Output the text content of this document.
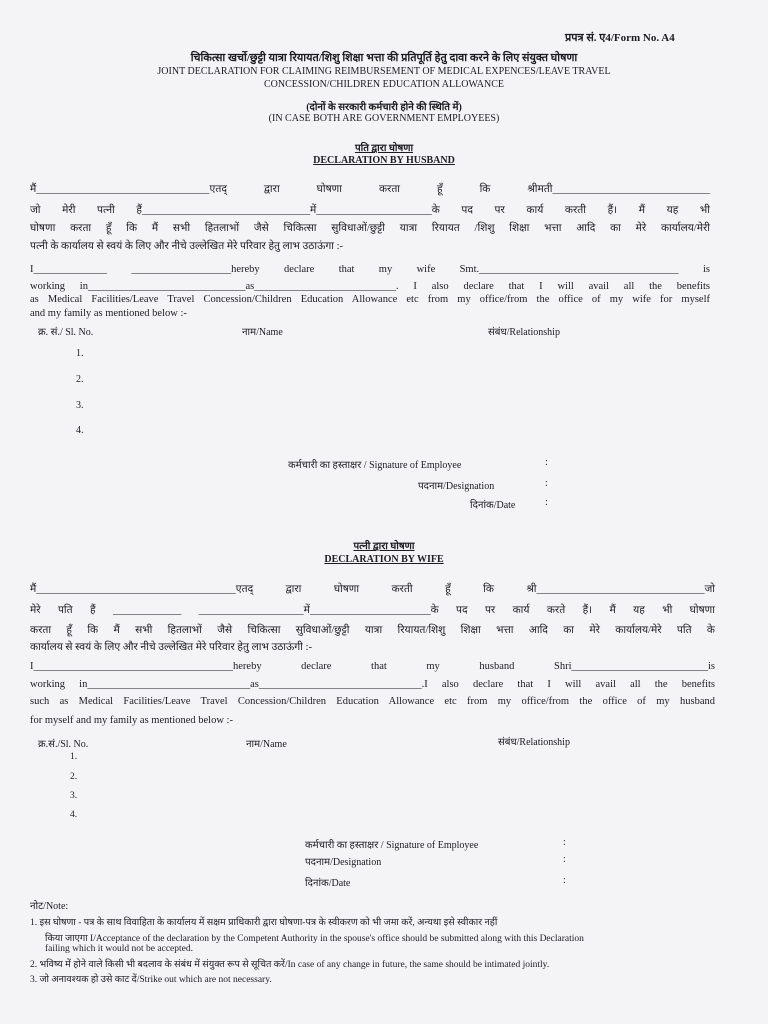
प्रपत्र सं. ए4/Form No. A4
चिकित्सा खर्चो/छुट्टी यात्रा रियायत/शिशु शिक्षा भत्ता की प्रतिपूर्ति हेतु दावा करने के लिए संयुक्त घोषणा
JOINT DECLARATION FOR CLAIMING REIMBURSEMENT OF MEDICAL EXPENCES/LEAVE TRAVEL
CONCESSION/CHILDREN EDUCATION ALLOWANCE
(दोनों के सरकारी कर्मचारी होने की स्थिति में)
(IN CASE BOTH ARE GOVERNMENT EMPLOYEES)
पति द्वारा घोषणा
DECLARATION BY HUSBAND
मैं_________________________________एतद् द्वारा घोषणा करता हूँ कि श्रीमती______________________________
जो मेरी पत्नी हैं________________________________में______________________के पद पर कार्य करती हैं। मैं यह भी
घोषणा करता हूँ कि मैं सभी हितलाभों जैसे चिकित्सा सुविधाओं/छुट्टी यात्रा रियायत /शिशु शिक्षा भत्ता आदि का मेरे कार्यालय/मेरी
पत्नी के कार्यालय से स्वयं के लिए और नीचे उल्लेखित मेरे परिवार हेतु लाभ उठाऊंगा :-
I______________ ___________________hereby declare that my wife Smt.______________________________________ is
working in______________________________as___________________________. I also declare that I will avail all the benefits
as Medical Facilities/Leave Travel Concession/Children Education Allowance etc from my office/from the office of my wife for myself
and my family as mentioned below :-
क्र. सं./ Sl. No.	नाम/Name	संबंध/Relationship
1.
2.
3.
4.
कर्मचारी का हस्ताक्षर / Signature of Employee	:
पदनाम/Designation	:
दिनांक/Date	:
पत्नी द्वारा घोषणा
DECLARATION BY WIFE
मैं______________________________________एतद् द्वारा घोषणा करती हूँ कि श्री________________________________जो
मेरे पति हैं _____________ ____________________में_______________________के पद पर कार्य करते हैं। मैं यह भी घोषणा
करता हूँ कि मैं सभी हितलाभों जैसे चिकित्सा सुविधाओं/छुट्टी यात्रा रियायत/शिशु शिक्षा भत्ता आदि का मेरे कार्यालय/मेरे पति के
कार्यालय से स्वयं के लिए और नीचे उल्लेखित मेरे परिवार हेतु लाभ उठाऊंगी :-
I______________________________________hereby declare that my husband Shri__________________________is
working in_______________________________as_______________________________.I also declare that I will avail all the benefits
such as Medical Facilities/Leave Travel Concession/Children Education Allowance etc from my office/from the office of my husband
for myself and my family as mentioned below :-
क्र.सं./Sl. No.	नाम/Name	संबंध/Relationship
1.
2.
3.
4.
कर्मचारी का हस्ताक्षर / Signature of Employee	:
पदनाम/Designation	:
दिनांक/Date	:
नोट/Note:
1. इस घोषणा - पत्र के साथ विवाहिता के कार्यालय में सक्षम प्राधिकारी द्वारा घोषणा-पत्र के स्वीकरण को भी जमा करें, अन्यथा इसे स्वीकार नहीं
किया जाएगा I/Acceptance of the declaration by the Competent Authority in the spouse's office should be submitted along with this Declaration
failing which it would not be accepted.
2. भविष्य में होने वाले किसी भी बदलाव के संबंध में संयुक्त रूप से सूचित करें/In case of any change in future, the same should be intimated jointly.
3. जो अनावश्यक हो उसे काट दें/Strike out which are not necessary.
